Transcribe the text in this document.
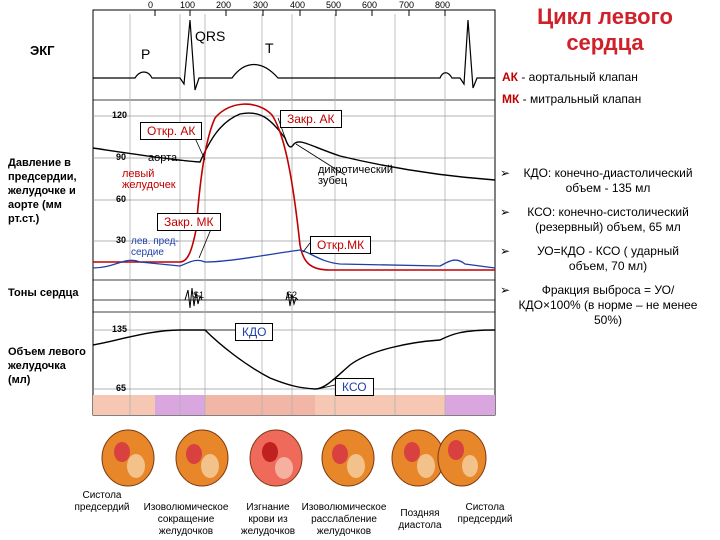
Цикл левого сердца
0	100 200 300 400 500 600 700 800
ЭКГ	P
QRS
T
АК - аортальный клапан
МК - митральный клапан
Давление в предсердии, желудочке и аорте (мм рт.ст.)
120
90
60
30
Откр. АК
Закр. АК
аорта
левый желудочек
дикротический зубец
Закр. МК
лев. пред-сердие
Откр.МК
Тоны сердца	S1	S2
Объем левого желудочка (мл)
135
65
КДО
КСО
➢ КДО: конечно-диастолический объем - 135 мл
➢ КСО: конечно-систолический (резервный) объем, 65 мл
➢ УО=КДО - КСО ( ударный объем, 70 мл)
➢	Фракция выброса = УО/КДО×100% (в норме – не менее 50%)
Систола предсердий	Изоволюмическое сокращение желудочков
Изгнание крови из желудочков
Изоволюмическое расслабление желудочков
Поздняя диастола
Систола предсердий
